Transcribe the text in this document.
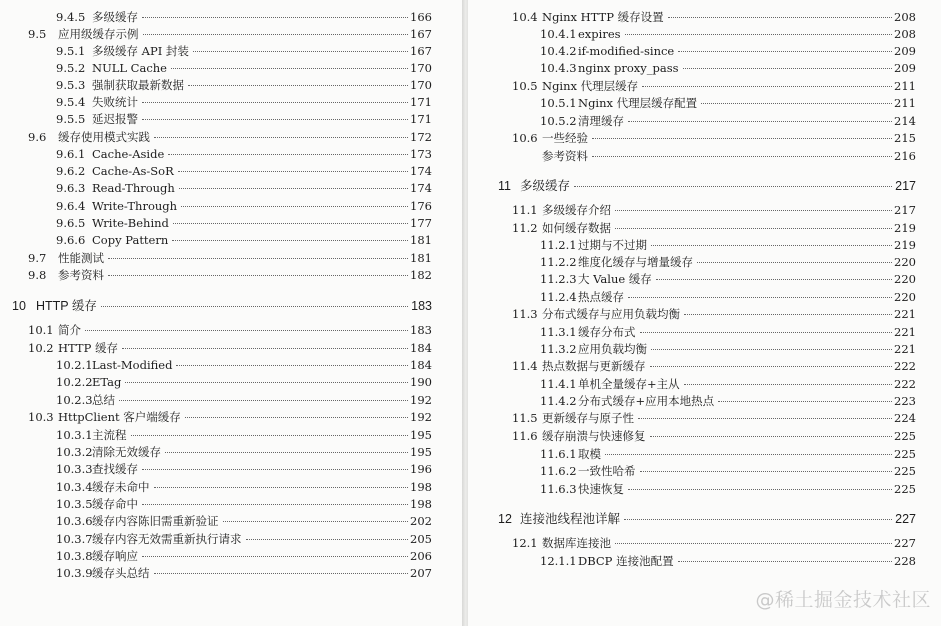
9.4.5 多级缓存	166
9.5	应用级缓存示例	167
9.5.1 多级缓存 API 封装	167
9.5.2 NULL Cache	170
9.5.3 强制获取最新数据	170
9.5.4 失败统计	171
9.5.5 延迟报警	171
9.6	缓存使用模式实践	172
9.6.1 Cache-Aside	173
9.6.2 Cache-As-SoR	174
9.6.3 Read-Through	174
9.6.4 Write-Through	176
9.6.5 Write-Behind	177
9.6.6 Copy Pattern	181
9.7	性能测试	181
9.8	参考资料	182
10 HTTP 缓存	183
10.1 简介	183
10.2 HTTP 缓存	184
10.2.1 Last-Modified	184
10.2.2 ETag	190
10.2.3 总结	192
10.3 HttpClient 客户端缓存	192
10.3.1 主流程	195
10.3.2 清除无效缓存	195
10.3.3 查找缓存	196
10.3.4 缓存未命中	198
10.3.5 缓存命中	198
10.3.6 缓存内容陈旧需重新验证	202
10.3.7 缓存内容无效需重新执行请求	205
10.3.8 缓存响应	206
10.3.9 缓存头总结	207
10.4 Nginx HTTP 缓存设置	208
10.4.1 expires	208
10.4.2 if-modified-since	209
10.4.3 nginx proxy_pass	209
10.5 Nginx 代理层缓存	211
10.5.1 Nginx 代理层缓存配置	211
10.5.2 清理缓存	214
10.6 一些经验	215
参考资料	216
11 多级缓存	217
11.1 多级缓存介绍	217
11.2 如何缓存数据	219
11.2.1 过期与不过期	219
11.2.2 维度化缓存与增量缓存	220
11.2.3 大 Value 缓存	220
11.2.4 热点缓存	220
11.3 分布式缓存与应用负载均衡	221
11.3.1 缓存分布式	221
11.3.2 应用负载均衡	221
11.4 热点数据与更新缓存	222
11.4.1 单机全量缓存+主从	222
11.4.2 分布式缓存+应用本地热点	223
11.5 更新缓存与原子性	224
11.6 缓存崩溃与快速修复	225
11.6.1 取模	225
11.6.2 一致性哈希	225
11.6.3 快速恢复	225
12 连接池线程池详解	227
12.1 数据库连接池	227
12.1.1 DBCP 连接池配置	228
@稀土掘金技术社区
